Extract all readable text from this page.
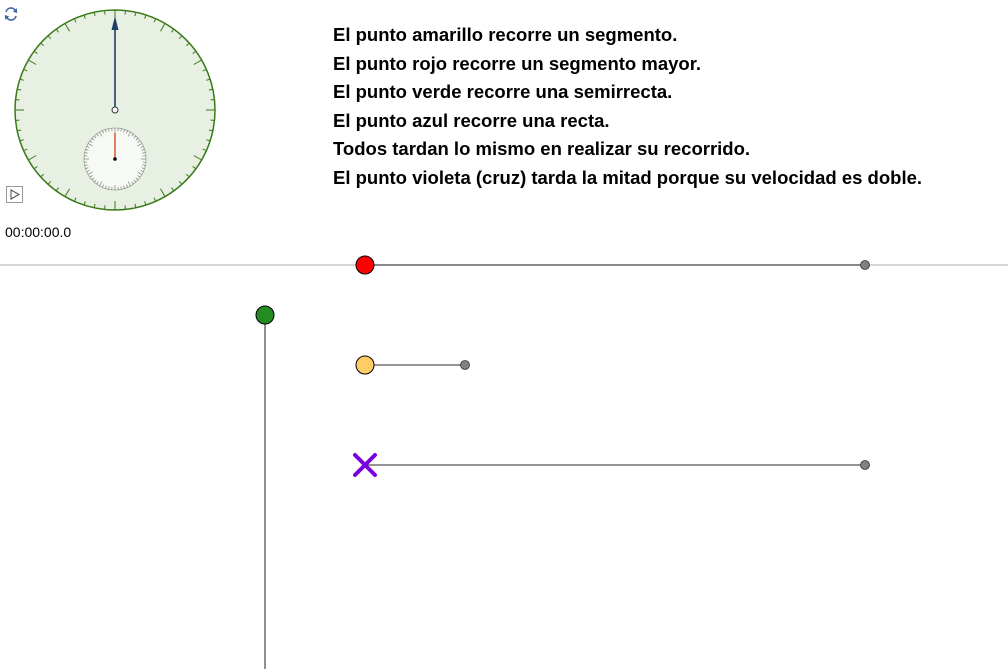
00:00:00.0
El punto amarillo recorre un segmento.
El punto rojo recorre un segmento mayor.
El punto verde recorre una semirrecta.
El punto azul recorre una recta.
Todos tardan lo mismo en realizar su recorrido.
El punto violeta (cruz) tarda la mitad porque su velocidad es doble.
